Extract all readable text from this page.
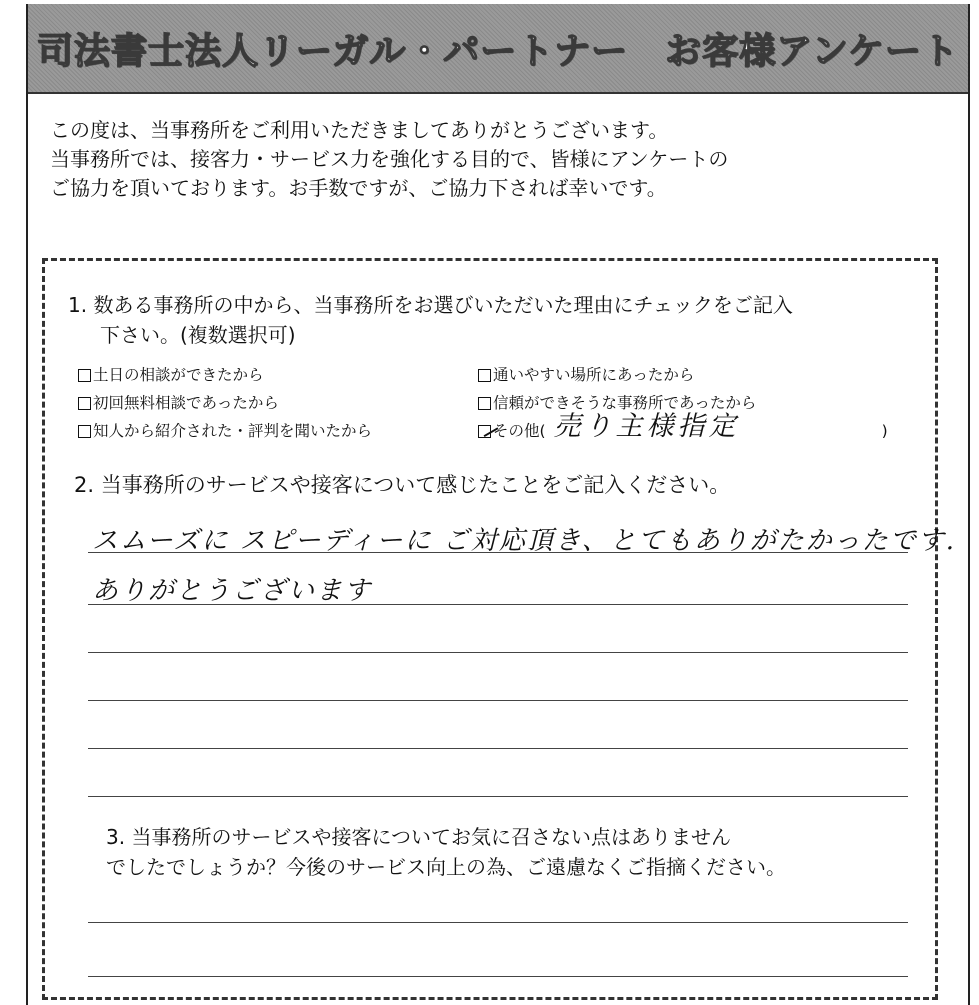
司法書士法人リーガル・パートナー　お客様アンケート

この度は、当事務所をご利用いただきましてありがとうございます。

当事務所では、接客力・サービス力を強化する目的で、皆様にアンケートの

ご協力を頂いております。お手数ですが、ご協力下されば幸いです。

1. 数ある事務所の中から、当事務所をお選びいただいた理由にチェックをご記入
下さい。(複数選択可)
土日の相談ができたから	通いやすい場所にあったから
初回無料相談であったから	信頼ができそうな事務所であったから
知人から紹介された・評判を聞いたから	その他( 売り主様指定	)
2. 当事務所のサービスや接客について感じたことをご記入ください。
スムーズに スピーディーに ご対応頂き、とてもありがたかったです.
ありがとうございます
3. 当事務所のサービスや接客についてお気に召さない点はありません
でしたでしょうか？今後のサービス向上の為、ご遠慮なくご指摘ください。
